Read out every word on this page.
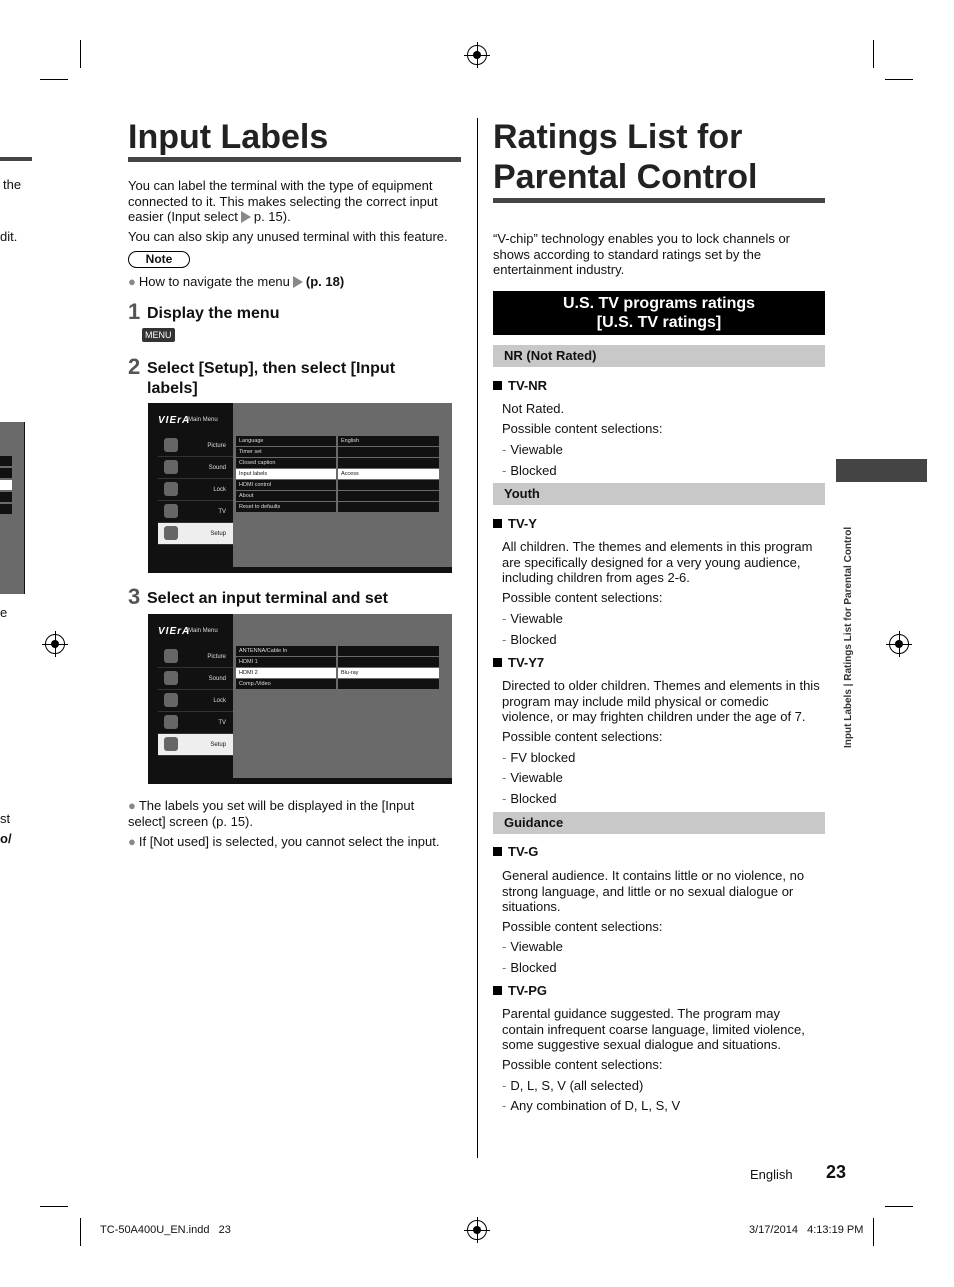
the
dit.
e
st
o/
Input Labels

You can label the terminal with the type of equipment connected to it. This makes selecting the correct input easier (Input select p. 15).

You can also skip any unused terminal with this feature.

Note
● How to navigate the menu (p. 18)
1 Display the menu
MENU
2 Select [Setup], then select [Input labels]
VIErA
Main Menu
Picture
Sound
Lock
TV
Setup
Language	English
Timer set
Closed caption
Input labels	Access
HDMI control
About
Reset to defaults
3 Select an input terminal and set
VIErA
Main Menu
Picture
Sound
Lock
TV
Setup
ANTENNA/Cable In
HDMI 1
HDMI 2	Blu-ray
Comp./Video
● The labels you set will be displayed in the [Input select] screen (p. 15).
● If [Not used] is selected, you cannot select the input.
Ratings List for
Parental Control

“V-chip” technology enables you to lock channels or shows according to standard ratings set by the entertainment industry.

U.S. TV programs ratings
[U.S. TV ratings]
NR (Not Rated)
TV-NR
Not Rated.
Possible content selections:
- Viewable
- Blocked
Youth
TV-Y

All children. The themes and elements in this program are specifically designed for a very young audience, including children from ages 2-6.

Possible content selections:
- Viewable
- Blocked
TV-Y7

Directed to older children. Themes and elements in this program may include mild physical or comedic violence, or may frighten children under the age of 7.

Possible content selections:
- FV blocked
- Viewable
- Blocked
Guidance
TV-G

General audience. It contains little or no violence, no strong language, and little or no sexual dialogue or situations.

Possible content selections:
- Viewable
- Blocked
TV-PG

Parental guidance suggested. The program may contain infrequent coarse language, limited violence, some suggestive sexual dialogue and situations.

Possible content selections:
- D, L, S, V (all selected)
- Any combination of D, L, S, V
Input Labels | Ratings List for Parental Control
English 23
TC-50A400U_EN.indd   23	3/17/2014   4:13:19 PM
